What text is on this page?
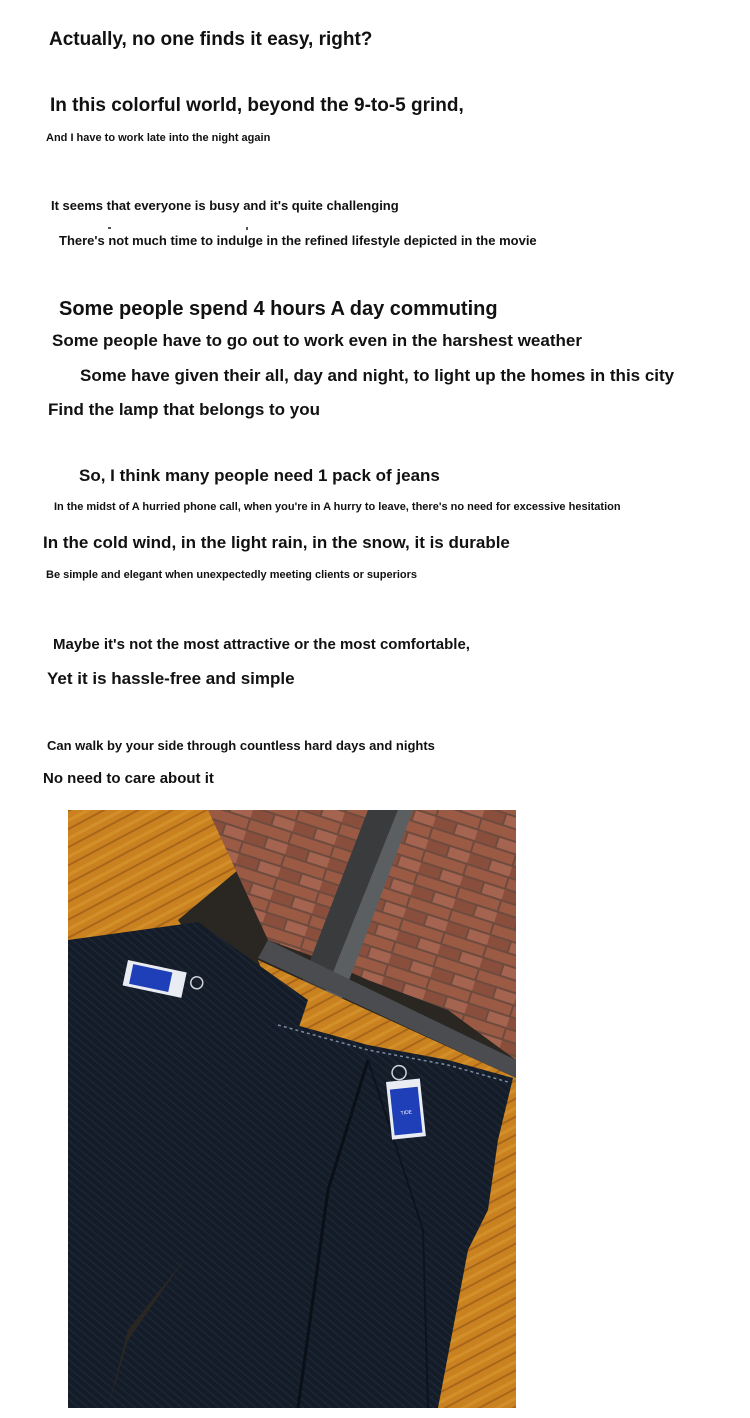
Actually, no one finds it easy, right?
In this colorful world, beyond the 9-to-5 grind,
And I have to work late into the night again
It seems that everyone is busy and it's quite challenging
There's not much time to indulge in the refined lifestyle depicted in the movie
Some people spend 4 hours A day commuting
Some people have to go out to work even in the harshest weather
Some have given their all, day and night, to light up the homes in this city
Find the lamp that belongs to you
So, I think many people need 1 pack of jeans
In the midst of A hurried phone call, when you're in A hurry to leave, there's no need for excessive hesitation
In the cold wind, in the light rain, in the snow, it is durable
Be simple and elegant when unexpectedly meeting clients or superiors
Maybe it's not the most attractive or the most comfortable,
Yet it is hassle-free and simple
Can walk by your side through countless hard days and nights
No need to care about it
TIDE
